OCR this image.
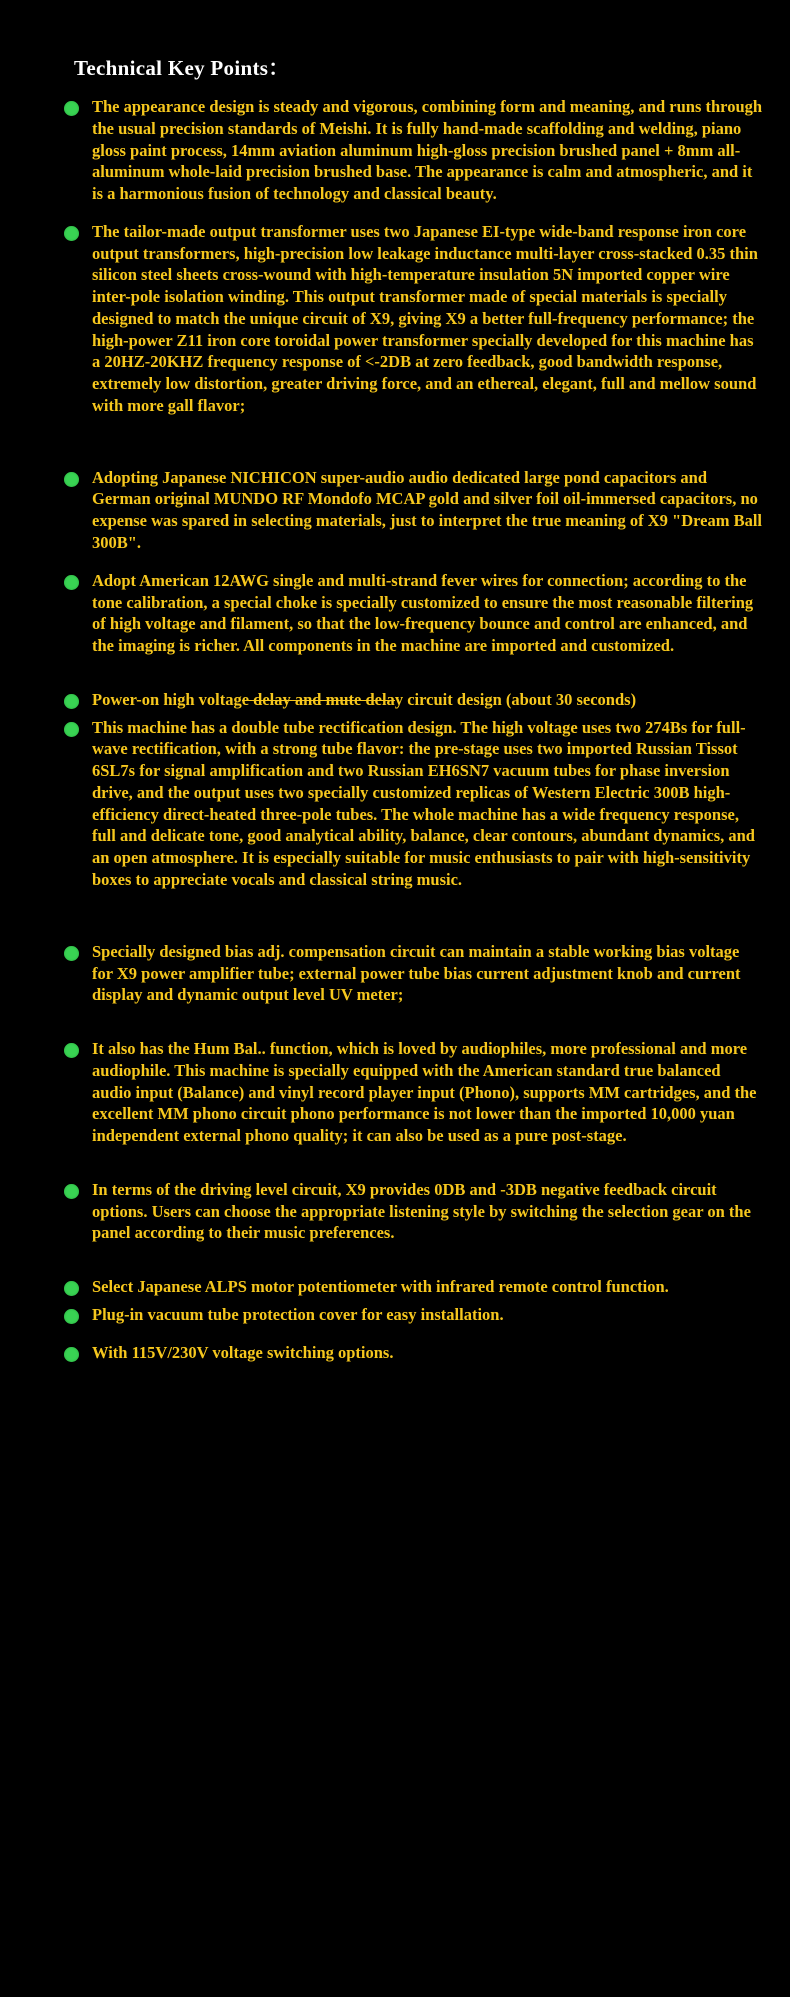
Technical Key Points：
The appearance design is steady and vigorous, combining form and meaning, and runs through the usual precision standards of Meishi. It is fully hand-made scaffolding and welding, piano gloss paint process, 14mm aviation aluminum high-gloss precision brushed panel + 8mm all-aluminum whole-laid precision brushed base. The appearance is calm and atmospheric, and it is a harmonious fusion of technology and classical beauty.
The tailor-made output transformer uses two Japanese EI-type wide-band response iron core output transformers, high-precision low leakage inductance multi-layer cross-stacked 0.35 thin silicon steel sheets cross-wound with high-temperature insulation 5N imported copper wire inter-pole isolation winding. This output transformer made of special materials is specially designed to match the unique circuit of X9, giving X9 a better full-frequency performance; the high-power Z11 iron core toroidal power transformer specially developed for this machine has a 20HZ-20KHZ frequency response of <-2DB at zero feedback, good bandwidth response, extremely low distortion, greater driving force, and an ethereal, elegant, full and mellow sound with more gall flavor;
Adopting Japanese NICHICON super-audio audio dedicated large pond capacitors and German original MUNDO RF Mondofo MCAP gold and silver foil oil-immersed capacitors, no expense was spared in selecting materials, just to interpret the true meaning of X9 "Dream Ball 300B".
Adopt American 12AWG single and multi-strand fever wires for connection; according to the tone calibration, a special choke is specially customized to ensure the most reasonable filtering of high voltage and filament, so that the low-frequency bounce and control are enhanced, and the imaging is richer. All components in the machine are imported and customized.
Power-on high voltage delay and mute delay circuit design (about 30 seconds)
This machine has a double tube rectification design. The high voltage uses two 274Bs for full-wave rectification, with a strong tube flavor: the pre-stage uses two imported Russian Tissot 6SL7s for signal amplification and two Russian EH6SN7 vacuum tubes for phase inversion drive, and the output uses two specially customized replicas of Western Electric 300B high-efficiency direct-heated three-pole tubes. The whole machine has a wide frequency response, full and delicate tone, good analytical ability, balance, clear contours, abundant dynamics, and an open atmosphere. It is especially suitable for music enthusiasts to pair with high-sensitivity boxes to appreciate vocals and classical string music.
Specially designed bias adj. compensation circuit can maintain a stable working bias voltage for X9 power amplifier tube; external power tube bias current adjustment knob and current display and dynamic output level UV meter;
It also has the Hum Bal.. function, which is loved by audiophiles, more professional and more audiophile. This machine is specially equipped with the American standard true balanced audio input (Balance) and vinyl record player input (Phono), supports MM cartridges, and the excellent MM phono circuit phono performance is not lower than the imported 10,000 yuan independent external phono quality; it can also be used as a pure post-stage.
In terms of the driving level circuit, X9 provides 0DB and -3DB negative feedback circuit options. Users can choose the appropriate listening style by switching the selection gear on the panel according to their music preferences.
Select Japanese ALPS motor potentiometer with infrared remote control function.
Plug-in vacuum tube protection cover for easy installation.
With 115V/230V voltage switching options.
